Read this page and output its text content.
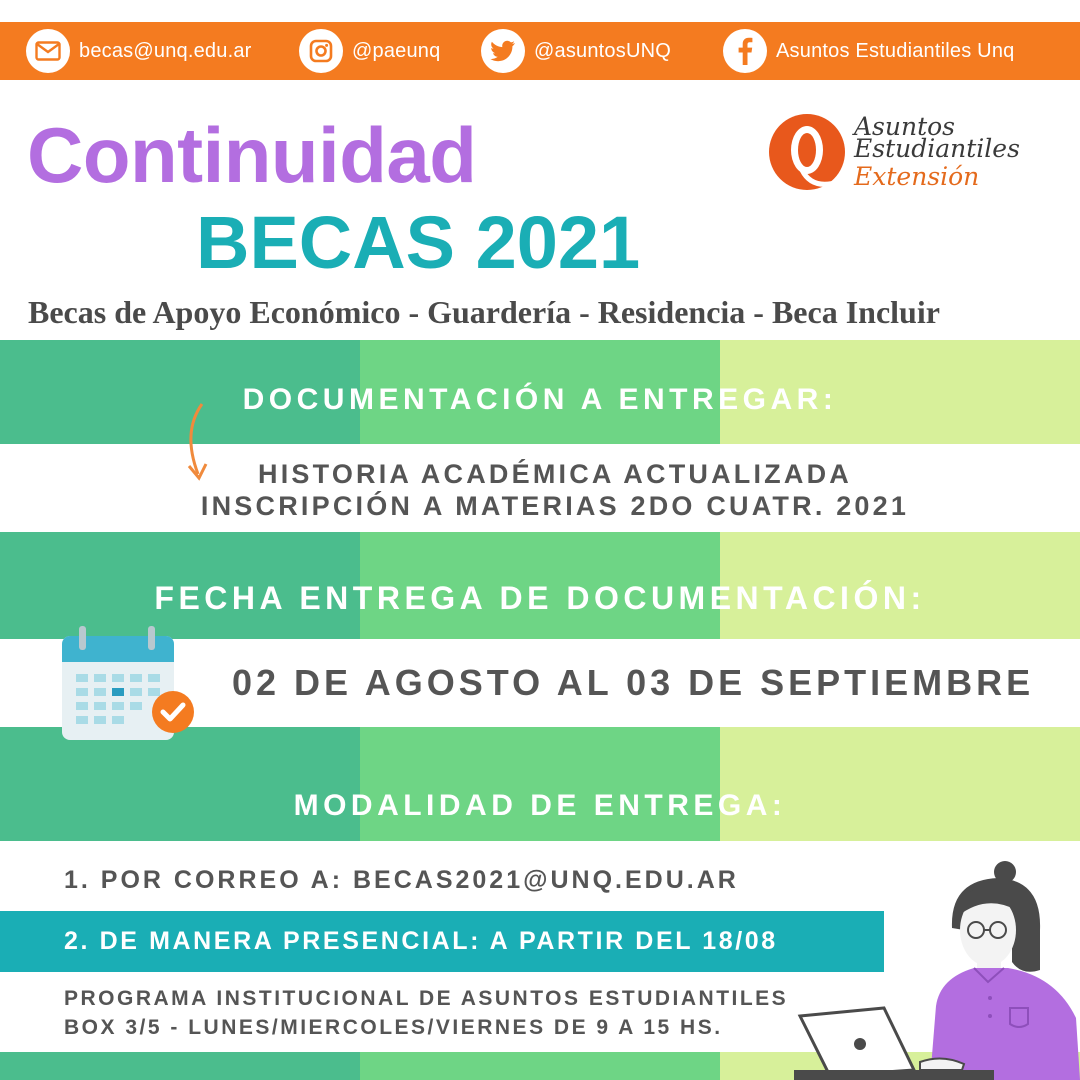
becas@unq.edu.ar	@paeunq	@asuntosUNQ	Asuntos Estudiantiles Unq
Continuidad
BECAS 2021
Asuntos
Estudiantiles
Extensión
Becas de Apoyo Económico - Guardería - Residencia - Beca Incluir
DOCUMENTACIÓN A ENTREGAR:
HISTORIA ACADÉMICA ACTUALIZADA
INSCRIPCIÓN A MATERIAS 2DO CUATR. 2021
FECHA ENTREGA DE DOCUMENTACIÓN:
02 DE AGOSTO AL 03 DE SEPTIEMBRE
MODALIDAD DE ENTREGA:
1. POR CORREO A: BECAS2021@UNQ.EDU.AR
2. DE MANERA PRESENCIAL: A PARTIR DEL 18/08
PROGRAMA INSTITUCIONAL DE ASUNTOS ESTUDIANTILES
BOX 3/5 - LUNES/MIERCOLES/VIERNES DE 9 A 15 HS.
